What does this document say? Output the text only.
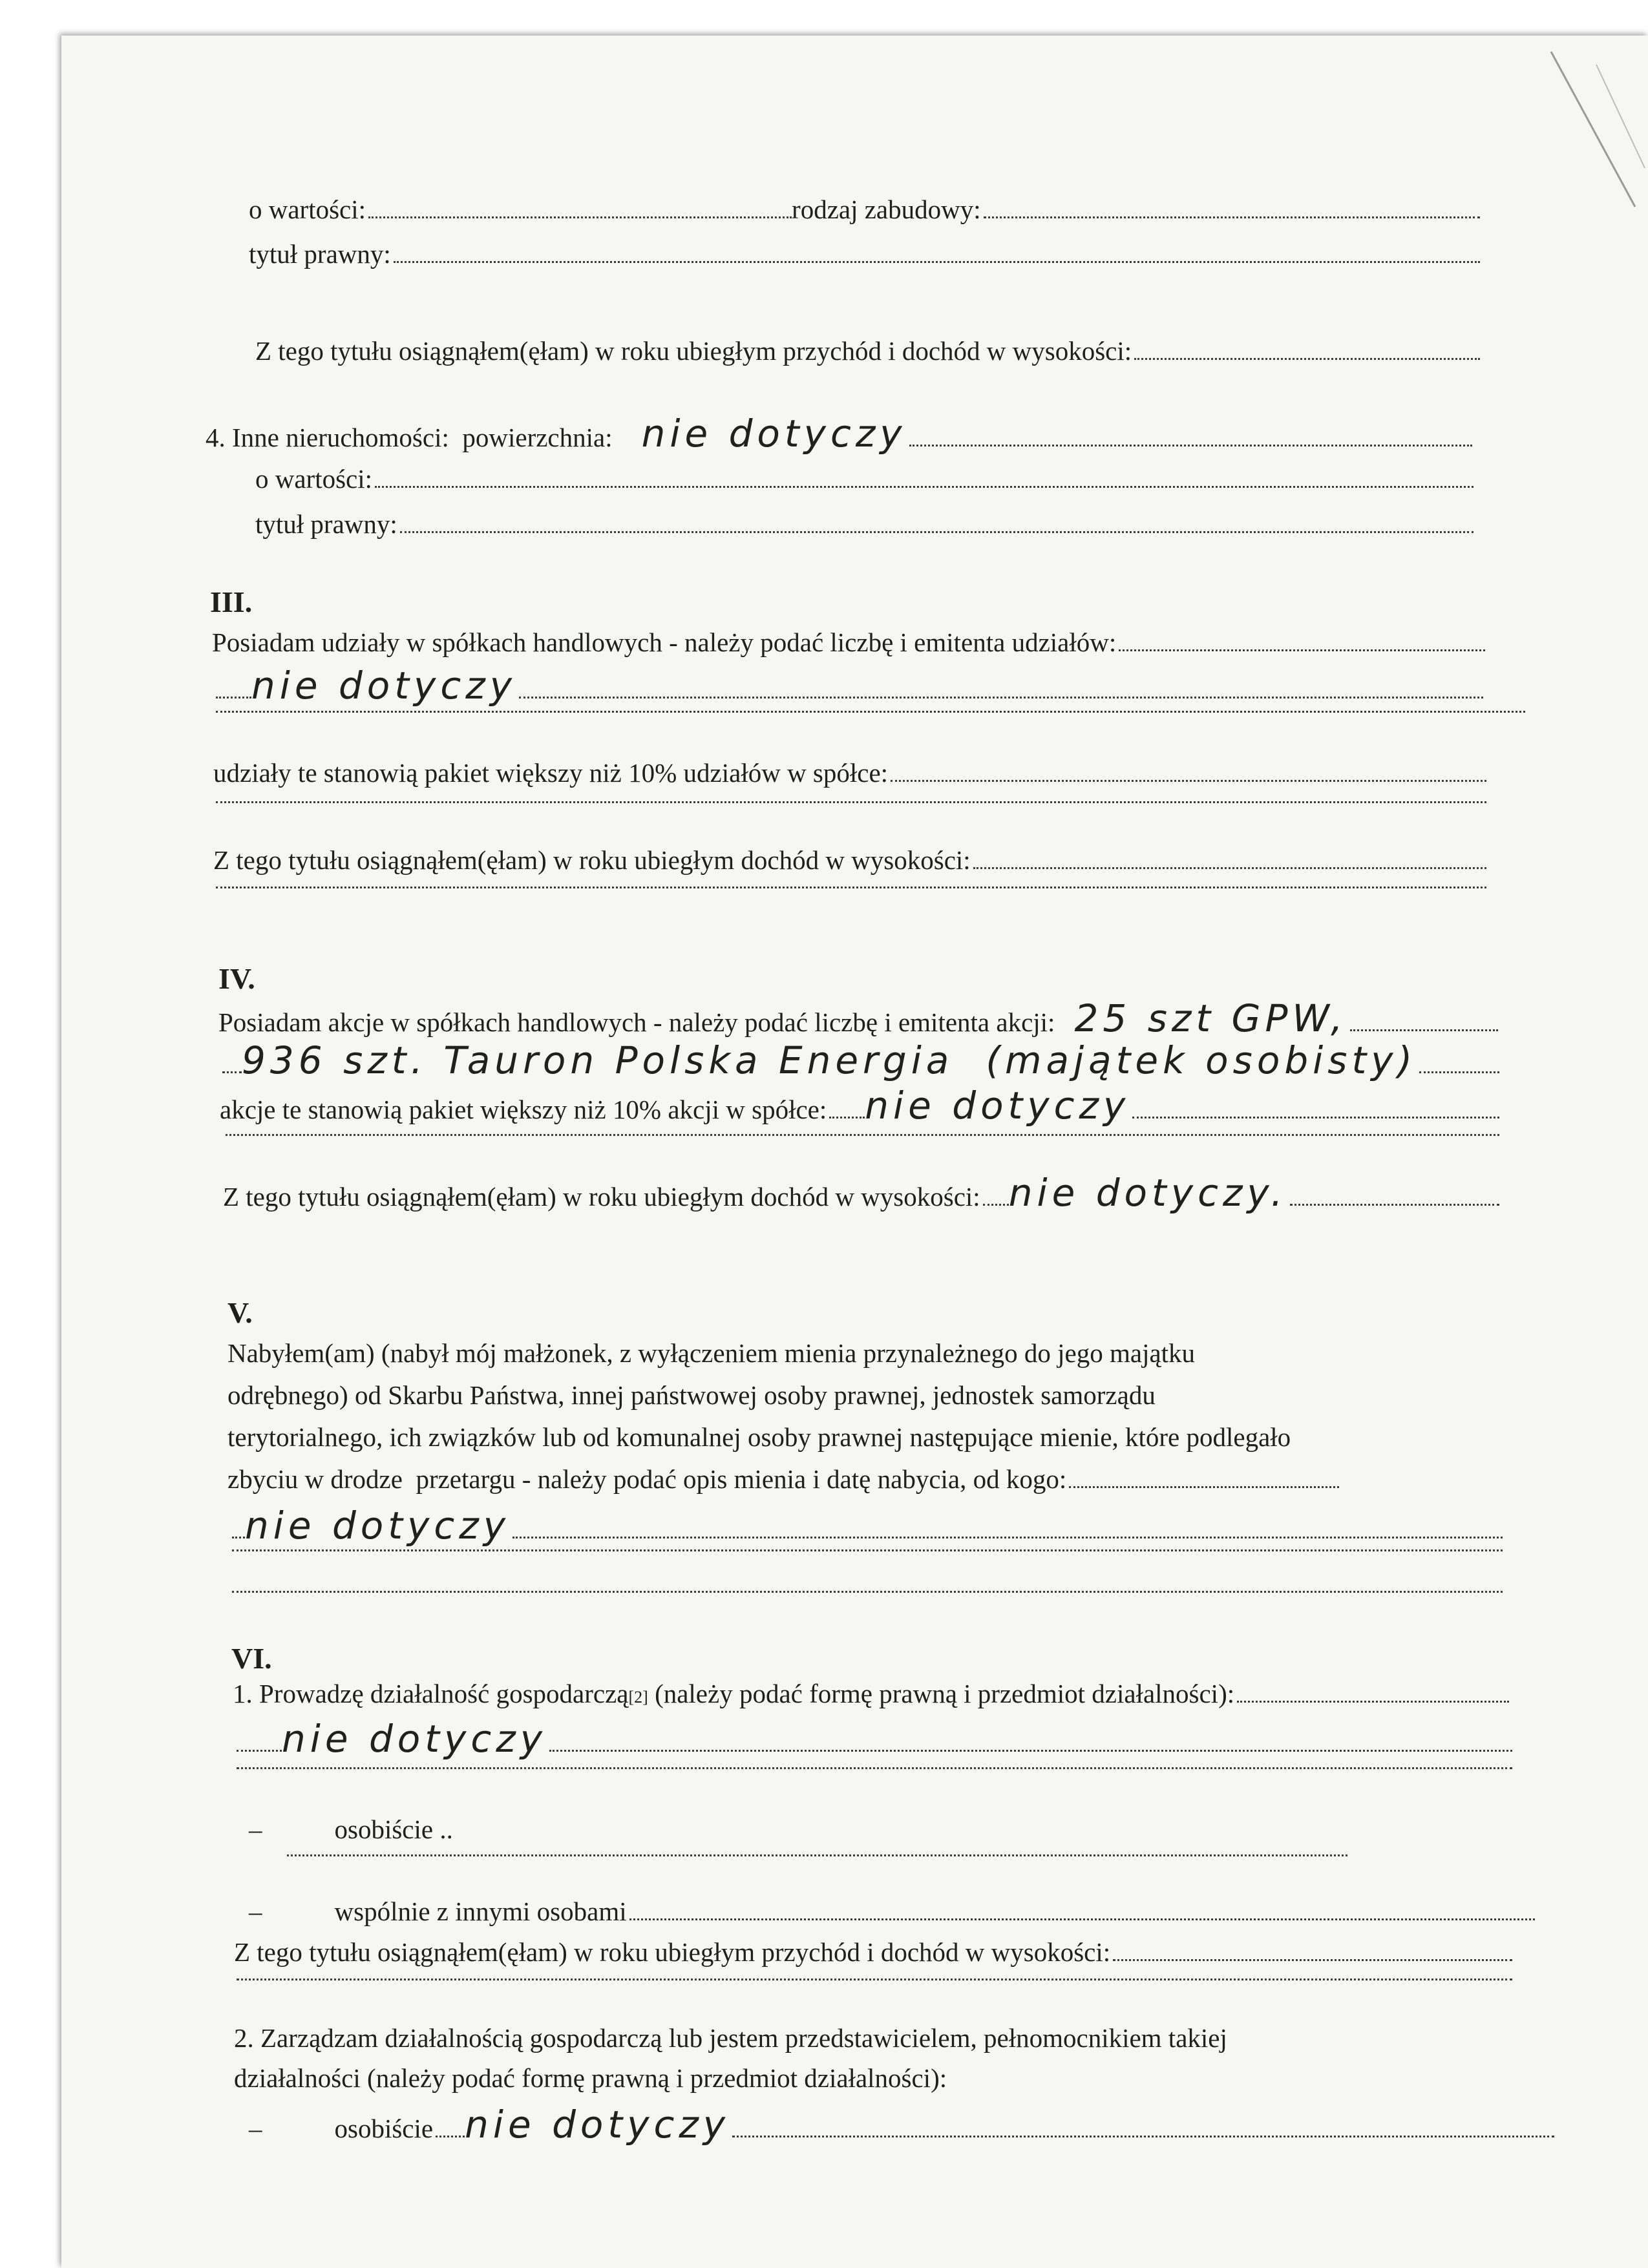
o wartości:	rodzaj zabudowy:
tytuł prawny:
Z tego tytułu osiągnąłem(ęłam) w roku ubiegłym przychód i dochód w wysokości:
4. Inne nieruchomości:  powierzchnia: nie dotyczy
o wartości:
tytuł prawny:
III.
Posiadam udziały w spółkach handlowych - należy podać liczbę i emitenta udziałów:
nie dotyczy
udziały te stanowią pakiet większy niż 10% udziałów w spółce:
Z tego tytułu osiągnąłem(ęłam) w roku ubiegłym dochód w wysokości:
IV.
Posiadam akcje w spółkach handlowych - należy podać liczbę i emitenta akcji: 25 szt GPW,
936 szt. Tauron Polska Energia (majątek osobisty)
akcje te stanowią pakiet większy niż 10% akcji w spółce: nie dotyczy
Z tego tytułu osiągnąłem(ęłam) w roku ubiegłym dochód w wysokości: nie dotyczy.
V.
Nabyłem(am) (nabył mój małżonek, z wyłączeniem mienia przynależnego do jego majątku
odrębnego) od Skarbu Państwa, innej państwowej osoby prawnej, jednostek samorządu
terytorialnego, ich związków lub od komunalnej osoby prawnej następujące mienie, które podlegało
zbyciu w drodze  przetargu - należy podać opis mienia i datę nabycia, od kogo:
nie dotyczy
VI.
1. Prowadzę działalność gospodarczą [2] (należy podać formę prawną i przedmiot działalności):
nie dotyczy
–	osobiście ..
–	wspólnie z innymi osobami
Z tego tytułu osiągnąłem(ęłam) w roku ubiegłym przychód i dochód w wysokości:
2. Zarządzam działalnością gospodarczą lub jestem przedstawicielem, pełnomocnikiem takiej
działalności (należy podać formę prawną i przedmiot działalności):
–	osobiście nie dotyczy
